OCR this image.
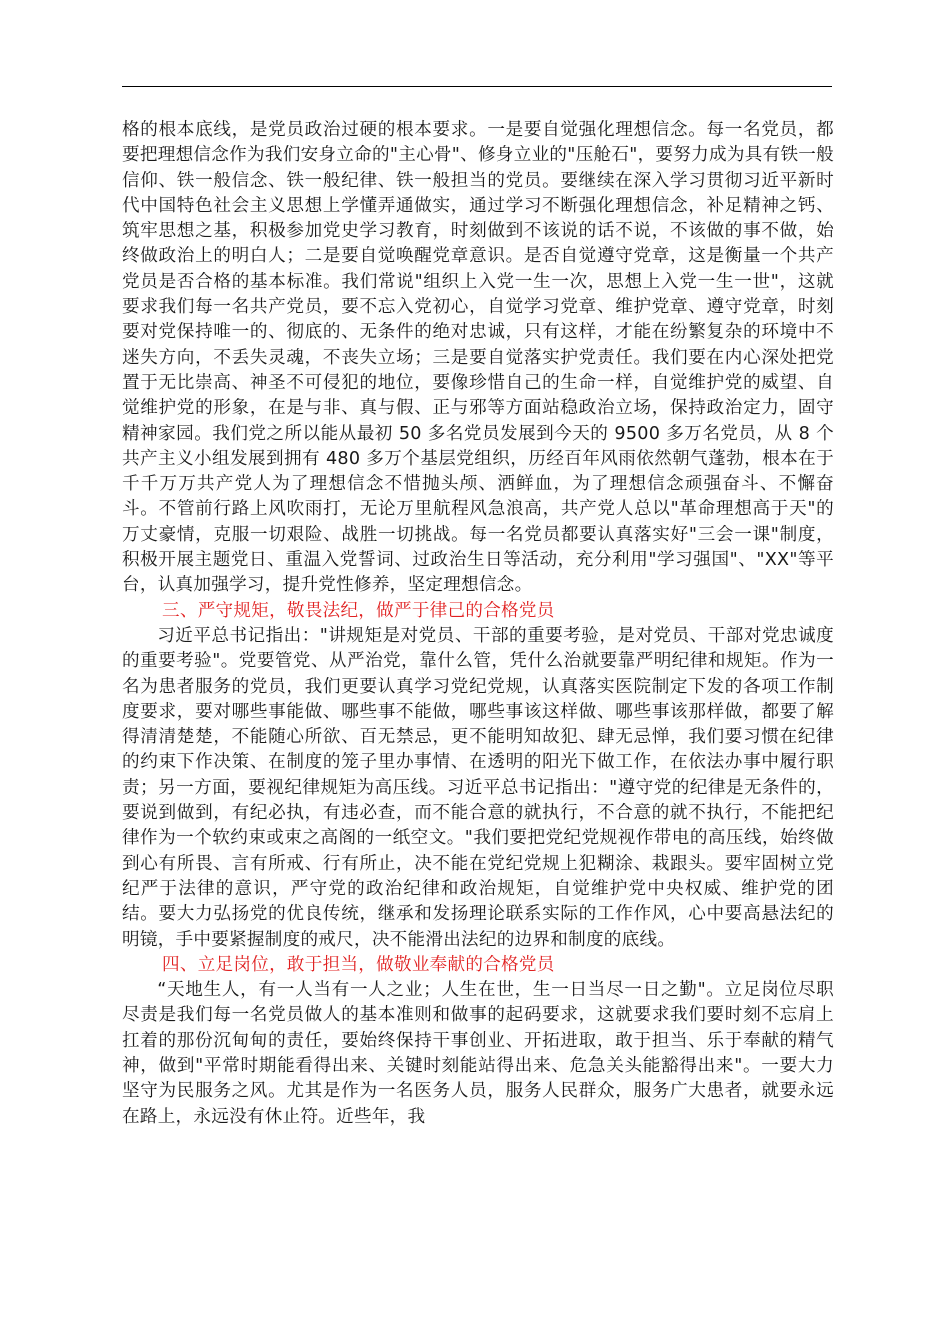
格的根本底线，是党员政治过硬的根本要求。一是要自觉强化理想信念。每一名党员，都要把理想信念作为我们安身立命的"主心骨"、修身立业的"压舱石"，要努力成为具有铁一般信仰、铁一般信念、铁一般纪律、铁一般担当的党员。要继续在深入学习贯彻习近平新时代中国特色社会主义思想上学懂弄通做实，通过学习不断强化理想信念，补足精神之钙、筑牢思想之基，积极参加党史学习教育，时刻做到不该说的话不说，不该做的事不做，始终做政治上的明白人；二是要自觉唤醒党章意识。是否自觉遵守党章，这是衡量一个共产党员是否合格的基本标准。我们常说"组织上入党一生一次，思想上入党一生一世"，这就要求我们每一名共产党员，要不忘入党初心，自觉学习党章、维护党章、遵守党章，时刻要对党保持唯一的、彻底的、无条件的绝对忠诚，只有这样，才能在纷繁复杂的环境中不迷失方向，不丢失灵魂，不丧失立场；三是要自觉落实护党责任。我们要在内心深处把党置于无比崇高、神圣不可侵犯的地位，要像珍惜自己的生命一样，自觉维护党的威望、自觉维护党的形象，在是与非、真与假、正与邪等方面站稳政治立场，保持政治定力，固守精神家园。我们党之所以能从最初 50 多名党员发展到今天的 9500 多万名党员，从 8 个共产主义小组发展到拥有 480 多万个基层党组织，历经百年风雨依然朝气蓬勃，根本在于千千万万共产党人为了理想信念不惜抛头颅、洒鲜血，为了理想信念顽强奋斗、不懈奋斗。不管前行路上风吹雨打，无论万里航程风急浪高，共产党人总以"革命理想高于天"的万丈豪情，克服一切艰险、战胜一切挑战。每一名党员都要认真落实好"三会一课"制度，积极开展主题党日、重温入党誓词、过政治生日等活动，充分利用"学习强国"、"XX"等平台，认真加强学习，提升党性修养，坚定理想信念。

三、严守规矩，敬畏法纪，做严于律己的合格党员

习近平总书记指出："讲规矩是对党员、干部的重要考验，是对党员、干部对党忠诚度的重要考验"。党要管党、从严治党，靠什么管，凭什么治就要靠严明纪律和规矩。作为一名为患者服务的党员，我们更要认真学习党纪党规，认真落实医院制定下发的各项工作制度要求，要对哪些事能做、哪些事不能做，哪些事该这样做、哪些事该那样做，都要了解得清清楚楚，不能随心所欲、百无禁忌，更不能明知故犯、肆无忌惮，我们要习惯在纪律的约束下作决策、在制度的笼子里办事情、在透明的阳光下做工作，在依法办事中履行职责；另一方面，要视纪律规矩为高压线。习近平总书记指出："遵守党的纪律是无条件的，要说到做到，有纪必执，有违必查，而不能合意的就执行，不合意的就不执行，不能把纪律作为一个软约束或束之高阁的一纸空文。"我们要把党纪党规视作带电的高压线，始终做到心有所畏、言有所戒、行有所止，决不能在党纪党规上犯糊涂、栽跟头。要牢固树立党纪严于法律的意识，严守党的政治纪律和政治规矩，自觉维护党中央权威、维护党的团结。要大力弘扬党的优良传统，继承和发扬理论联系实际的工作作风，心中要高悬法纪的明镜，手中要紧握制度的戒尺，决不能滑出法纪的边界和制度的底线。

四、立足岗位，敢于担当，做敬业奉献的合格党员

“天地生人，有一人当有一人之业；人生在世，生一日当尽一日之勤"。立足岗位尽职尽责是我们每一名党员做人的基本准则和做事的起码要求，这就要求我们要时刻不忘肩上扛着的那份沉甸甸的责任，要始终保持干事创业、开拓进取，敢于担当、乐于奉献的精气神，做到"平常时期能看得出来、关键时刻能站得出来、危急关头能豁得出来"。一要大力坚守为民服务之风。尤其是作为一名医务人员，服务人民群众，服务广大患者，就要永远在路上，永远没有休止符。近些年，我
